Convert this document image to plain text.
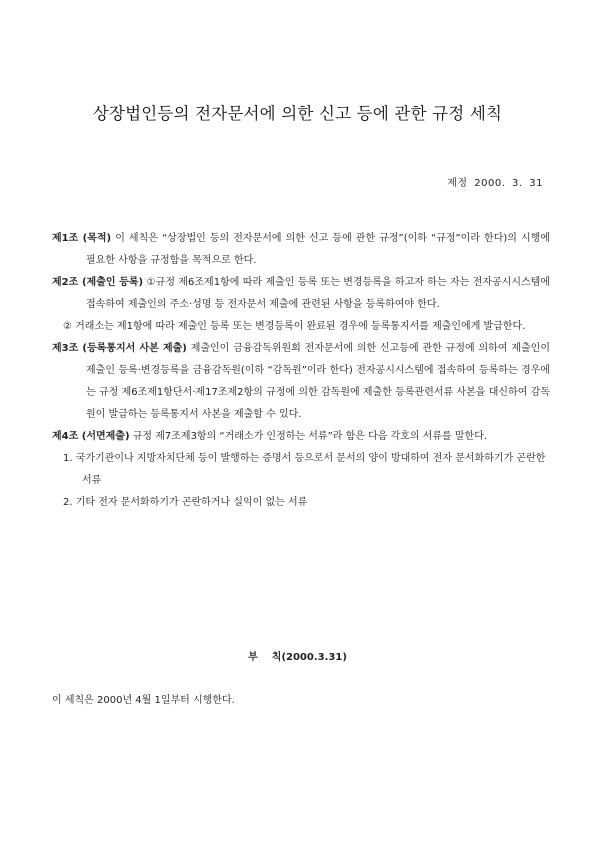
상장법인등의 전자문서에 의한 신고 등에 관한 규정 세칙
제정 2000. 3. 31

제1조 (목적) 이 세칙은 “상장법인 등의 전자문서에 의한 신고 등에 관한 규정”(이하 “규정”이라 한다)의 시행에 필요한 사항을 규정함을 목적으로 한다.

제2조 (제출인 등록) ①규정 제6조제1항에 따라 제출인 등록 또는 변경등록을 하고자 하는 자는 전자공시시스템에 접속하여 제출인의 주소·성명 등 전자문서 제출에 관련된 사항을 등록하여야 한다.

② 거래소는 제1항에 따라 제출인 등록 또는 변경등록이 완료된 경우에 등록통지서를 제출인에게 발급한다.

제3조 (등록통지서 사본 제출) 제출인이 금융감독위원회 전자문서에 의한 신고등에 관한 규정에 의하여 제출인이 제출인 등록·변경등록을 금융감독원(이하 “감독원”이라 한다) 전자공시시스템에 접속하여 등록하는 경우에는 규정 제6조제1항단서·제17조제2항의 규정에 의한 감독원에 제출한 등록관련서류 사본을 대신하여 감독원이 발급하는 등록통지서 사본을 제출할 수 있다.

제4조 (서면제출) 규정 제7조제3항의 “거래소가 인정하는 서류”라 함은 다음 각호의 서류를 말한다.

1. 국가기관이나 지방자치단체 등이 발행하는 증명서 등으로서 문서의 양이 방대하여 전자 문서화하기가 곤란한 서류

2. 기타 전자 문서화하기가 곤란하거나 실익이 없는 서류

부 칙(2000.3.31)
이 세칙은 2000년 4월 1일부터 시행한다.
